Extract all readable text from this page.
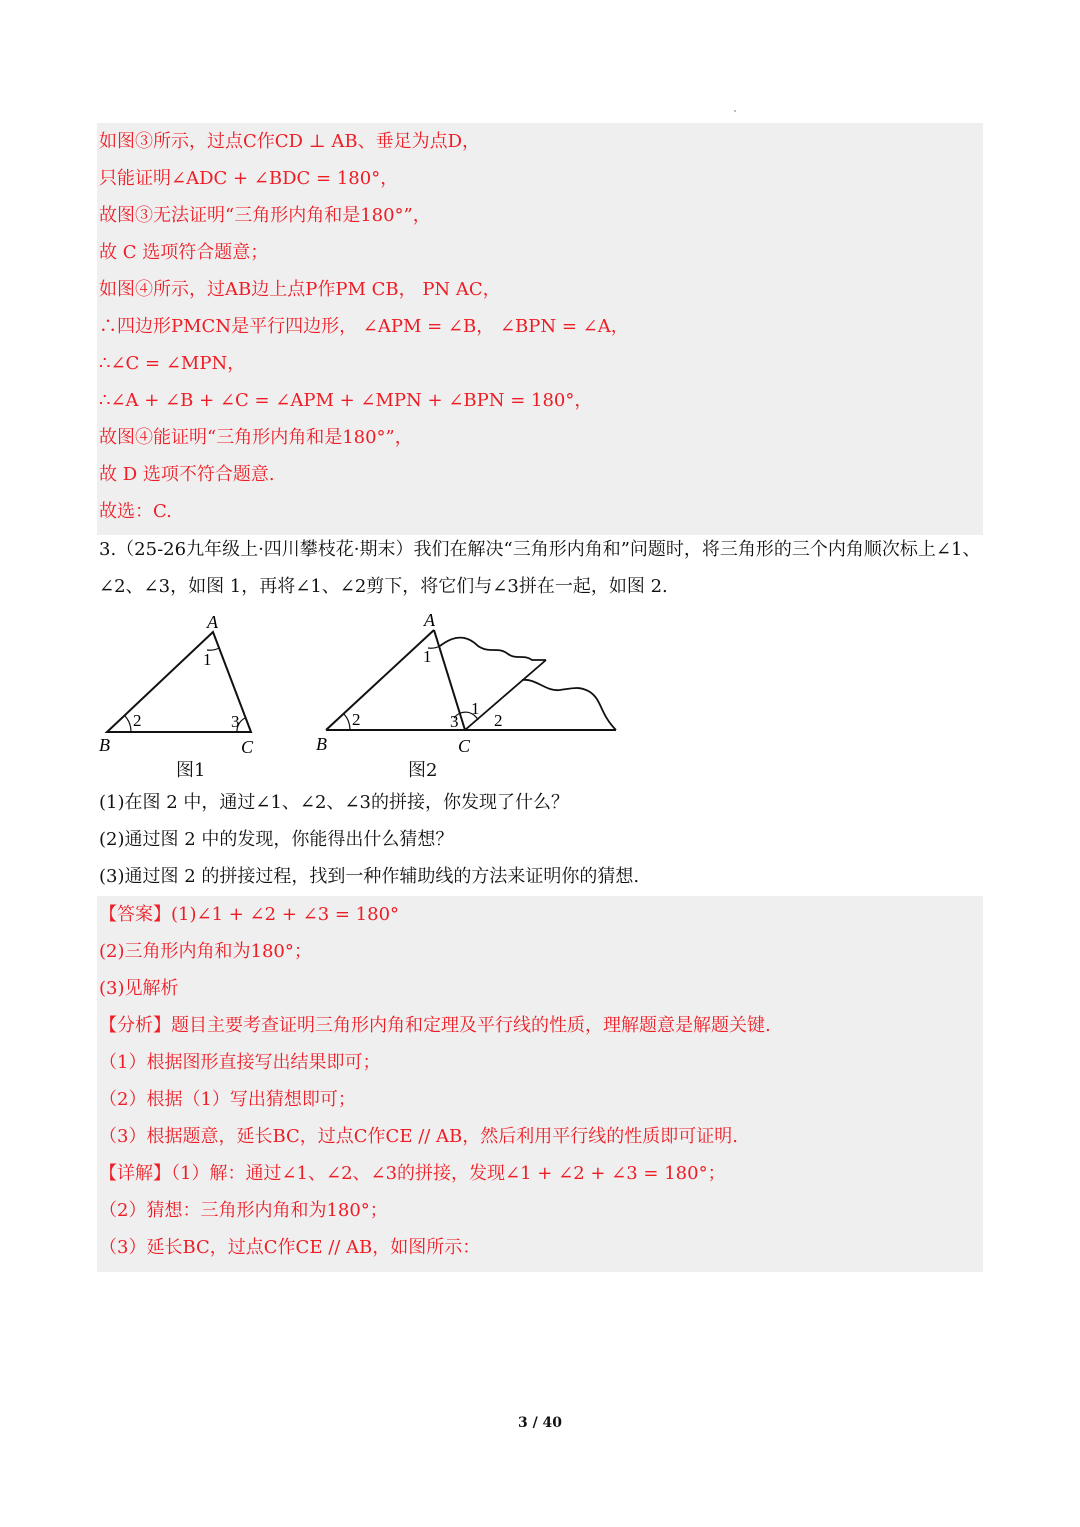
如图③所示，过点C作CD ⊥ AB、垂足为点D，
只能证明∠ADC + ∠BDC = 180°，
故图③无法证明“三角形内角和是180°”，
故 C 选项符合题意；
如图④所示，过AB边上点P作PM CB， PN AC，
∴四边形PMCN是平行四边形， ∠APM = ∠B， ∠BPN = ∠A，
∴∠C = ∠MPN，
∴∠A + ∠B + ∠C = ∠APM + ∠MPN + ∠BPN = 180°，
故图④能证明“三角形内角和是180°”，
故 D 选项不符合题意.
故选：C.
3.（25-26九年级上·四川攀枝花·期末）我们在解决“三角形内角和”问题时，将三角形的三个内角顺次标上∠1、
∠2、∠3，如图 1，再将∠1、∠2剪下，将它们与∠3拼在一起，如图 2.
A
B	C
1
2	3
图1
A
B	C
1
2	3
1
2
图2
(1)在图 2 中，通过∠1、∠2、∠3的拼接，你发现了什么？
(2)通过图 2 中的发现，你能得出什么猜想？
(3)通过图 2 的拼接过程，找到一种作辅助线的方法来证明你的猜想.
【答案】(1)∠1 + ∠2 + ∠3 = 180°
(2)三角形内角和为180°；
(3)见解析
【分析】题目主要考查证明三角形内角和定理及平行线的性质，理解题意是解题关键.
（1）根据图形直接写出结果即可；
（2）根据（1）写出猜想即可；
（3）根据题意，延长BC，过点C作CE // AB，然后利用平行线的性质即可证明.
【详解】（1）解：通过∠1、∠2、∠3的拼接，发现∠1 + ∠2 + ∠3 = 180°；
（2）猜想：三角形内角和为180°；
（3）延长BC，过点C作CE // AB，如图所示：
3 / 40
